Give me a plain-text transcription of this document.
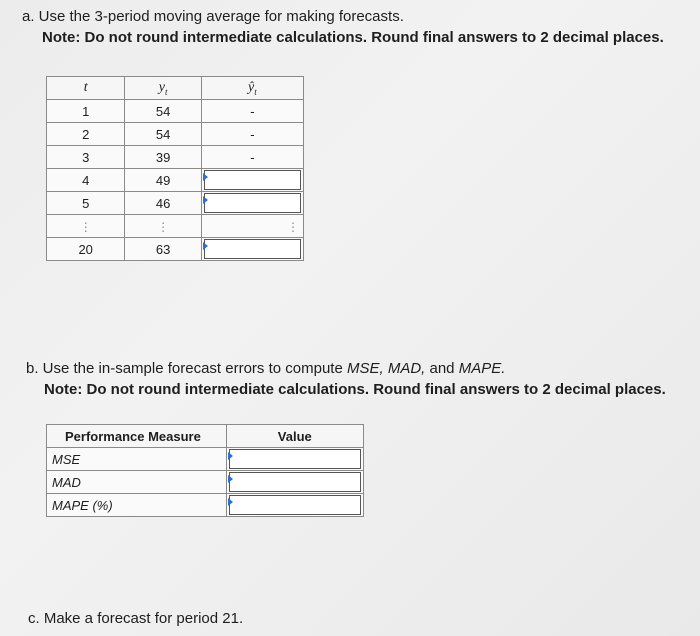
a. Use the 3-period moving average for making forecasts.
Note: Do not round intermediate calculations. Round final answers to 2 decimal places.
t	$y_t$	$ŷ_t$
1	54	-
2	54	-
3	39	-
4	49	

5	46	

⋮	⋮	⋮
20	63	
b. Use the in-sample forecast errors to compute MSE, MAD, and MAPE.
Note: Do not round intermediate calculations. Round final answers to 2 decimal places.
Performance Measure	Value
MSE	

MAD	

MAPE (%)	
c. Make a forecast for period 21.
